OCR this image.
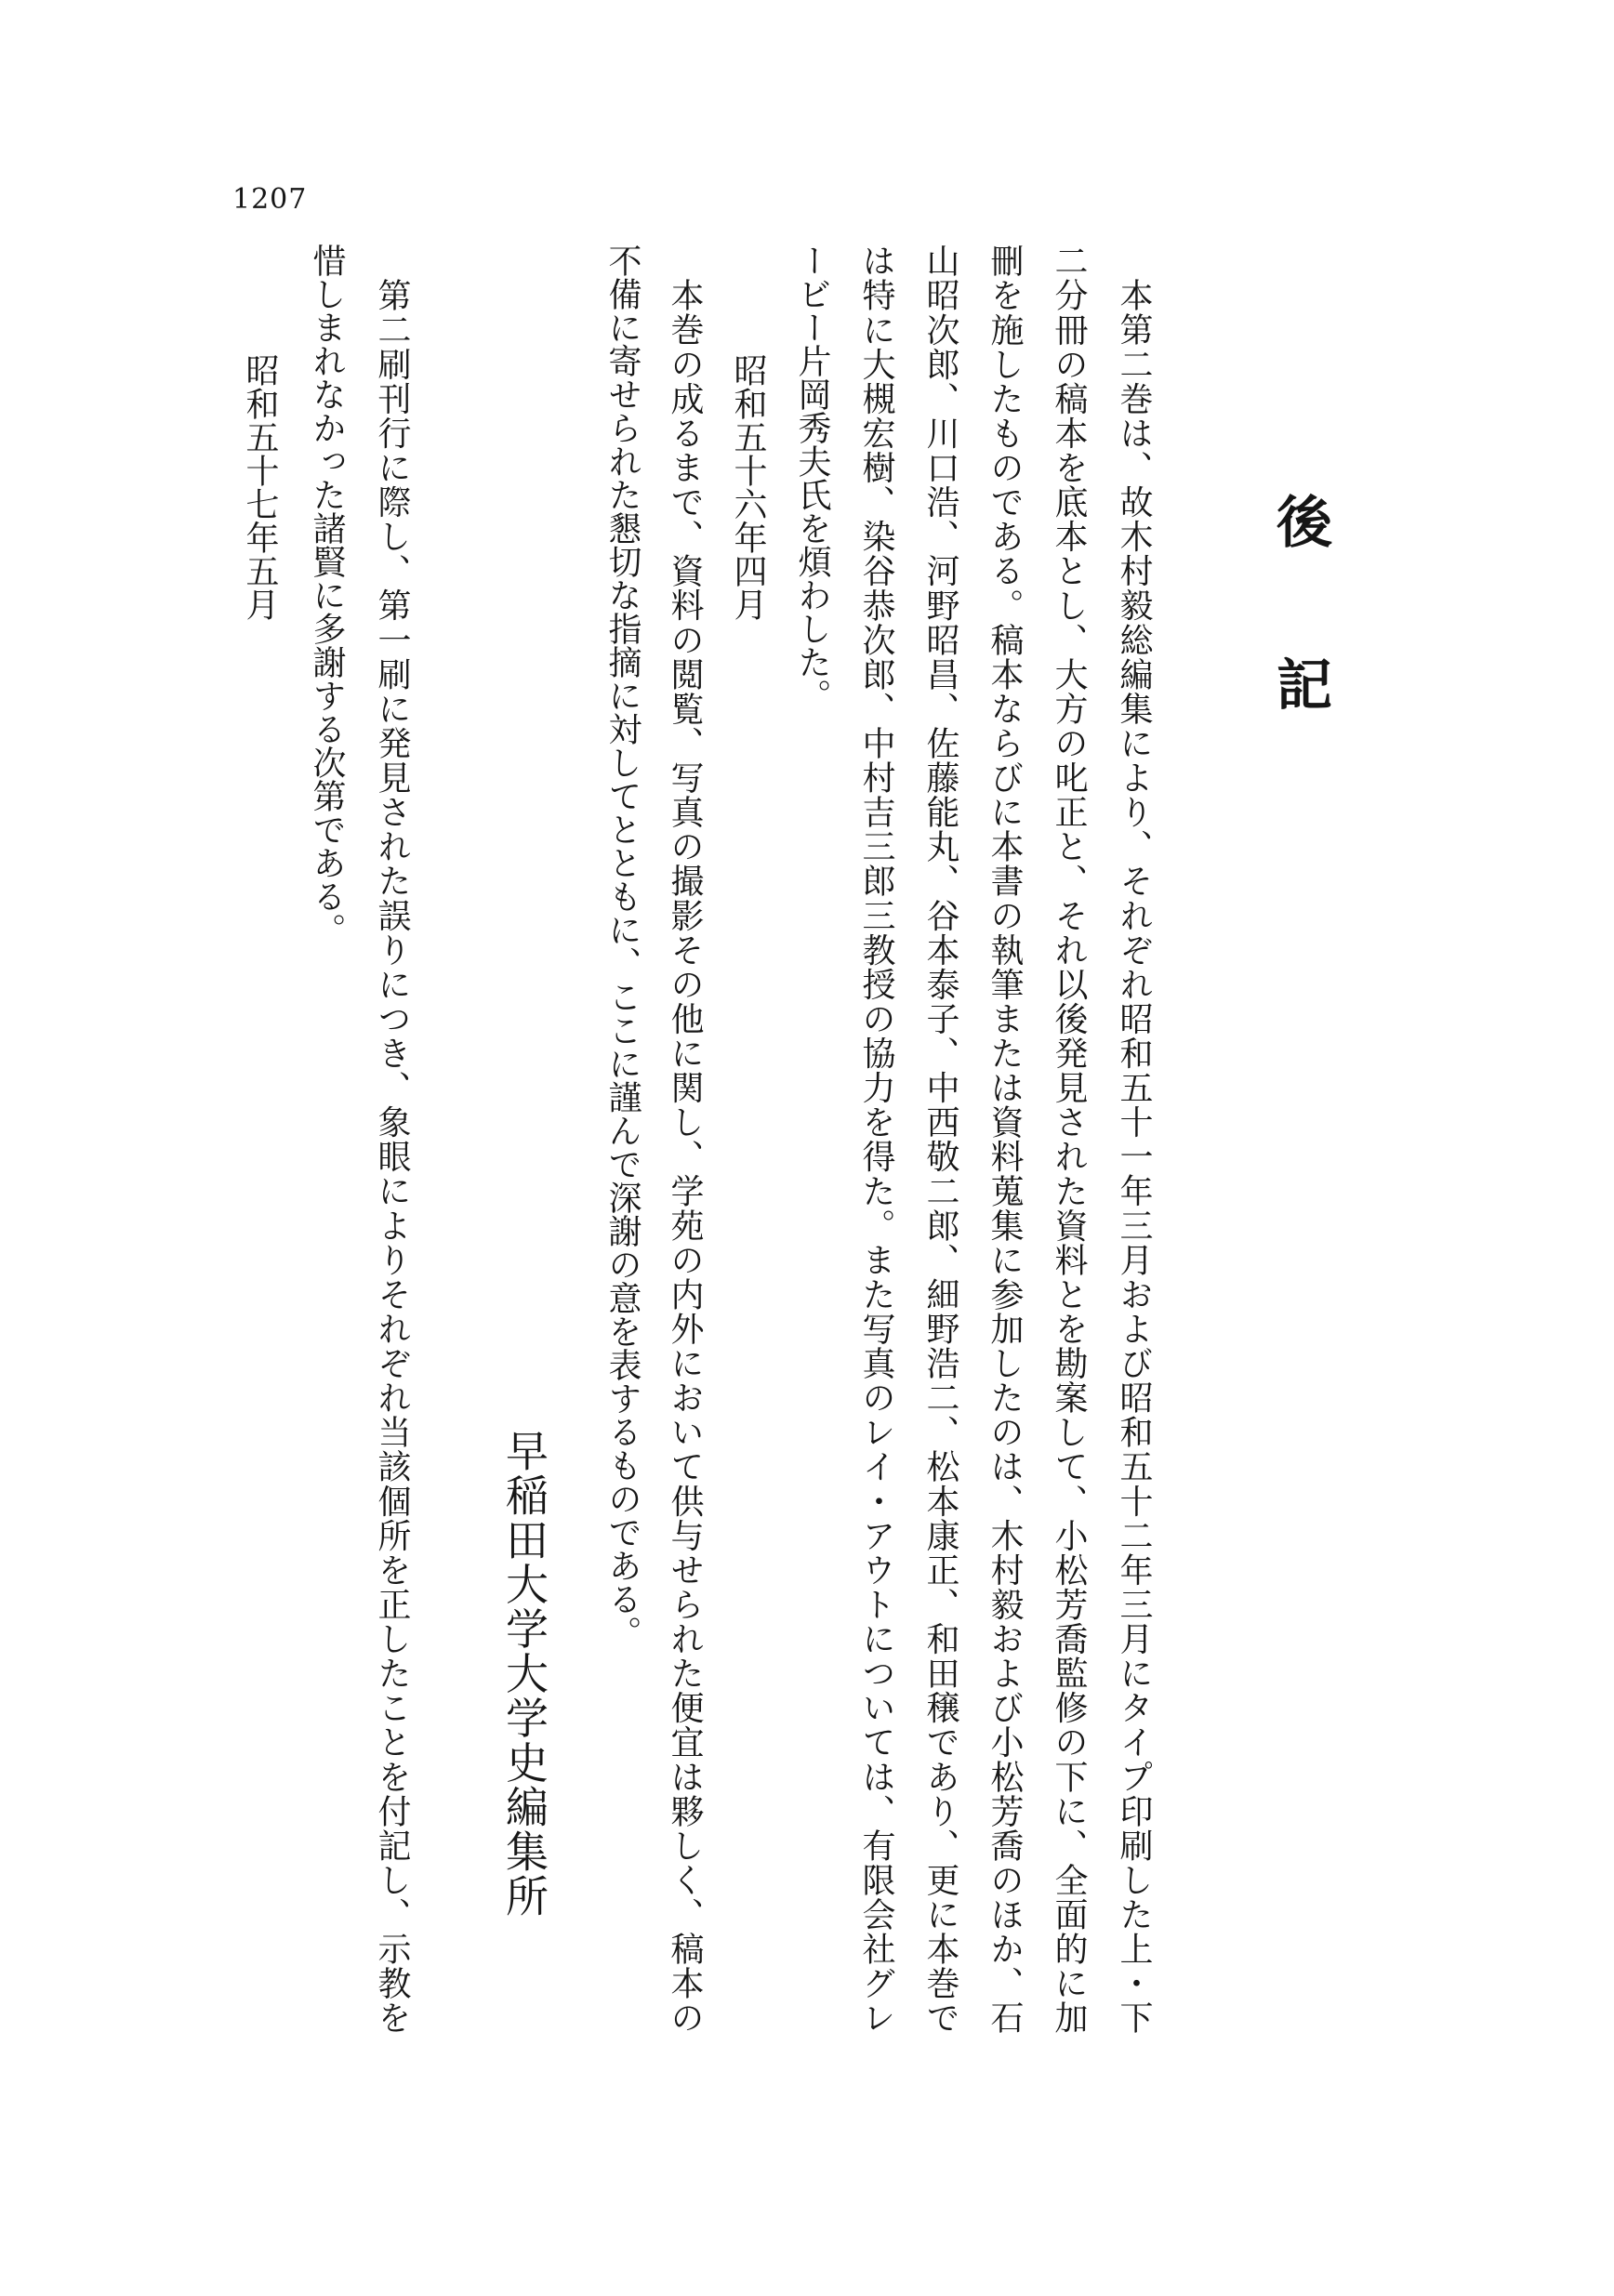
1207
後　記

本第二巻は、故木村毅総編集により、それぞれ昭和五十一年三月および昭和五十二年三月にタイプ印刷した上・下

二分冊の稿本を底本とし、大方の叱正と、それ以後発見された資料とを勘案して、小松芳喬監修の下に、全面的に加

刪を施したものである。稿本ならびに本書の執筆または資料蒐集に参加したのは、木村毅および小松芳喬のほか、石

山昭次郎、川口浩、河野昭昌、佐藤能丸、谷本泰子、中西敬二郎、細野浩二、松本康正、和田穣であり、更に本巻で

は特に大槻宏樹、染谷恭次郎、中村吉三郎三教授の協力を得た。また写真のレイ・アウトについては、有限会社グレ

ービー片岡秀夫氏を煩わした。

昭和五十六年四月

本巻の成るまで、資料の閲覧、写真の撮影その他に関し、学苑の内外において供与せられた便宜は夥しく、稿本の

不備に寄せられた懇切な指摘に対してとともに、ここに謹んで深謝の意を表するものである。

早稲田大学大学史編集所

第二刷刊行に際し、第一刷に発見された誤りにつき、象眼によりそれぞれ当該個所を正したことを付記し、示教を

惜しまれなかった諸賢に多謝する次第である。

昭和五十七年五月
